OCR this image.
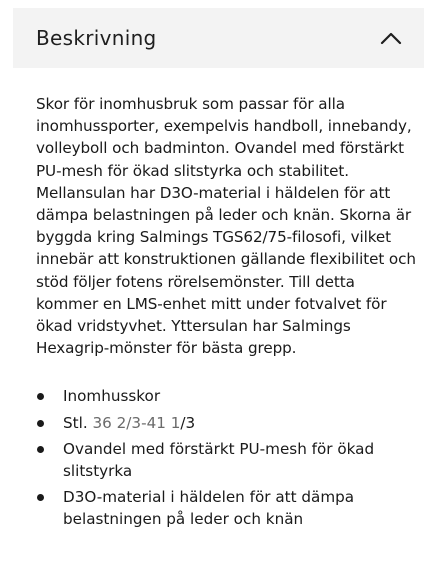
Beskrivning

Skor för inomhusbruk som passar för alla inomhussporter, exempelvis handboll, innebandy, volleyboll och badminton. Ovandel med förstärkt PU-mesh för ökad slitstyrka och stabilitet. Mellansulan har D3O-material i häldelen för att dämpa belastningen på leder och knän. Skorna är byggda kring Salmings TGS62/75-filosofi, vilket innebär att konstruktionen gällande flexibilitet och stöd följer fotens rörelsemönster. Till detta kommer en LMS-enhet mitt under fotvalvet för ökad vridstyvhet. Yttersulan har Salmings Hexagrip-mönster för bästa grepp.

Inomhusskor
Stl. 36 2/3-41 1/3
Ovandel med förstärkt PU-mesh för ökad slitstyrka
D3O-material i häldelen för att dämpa belastningen på leder och knän
